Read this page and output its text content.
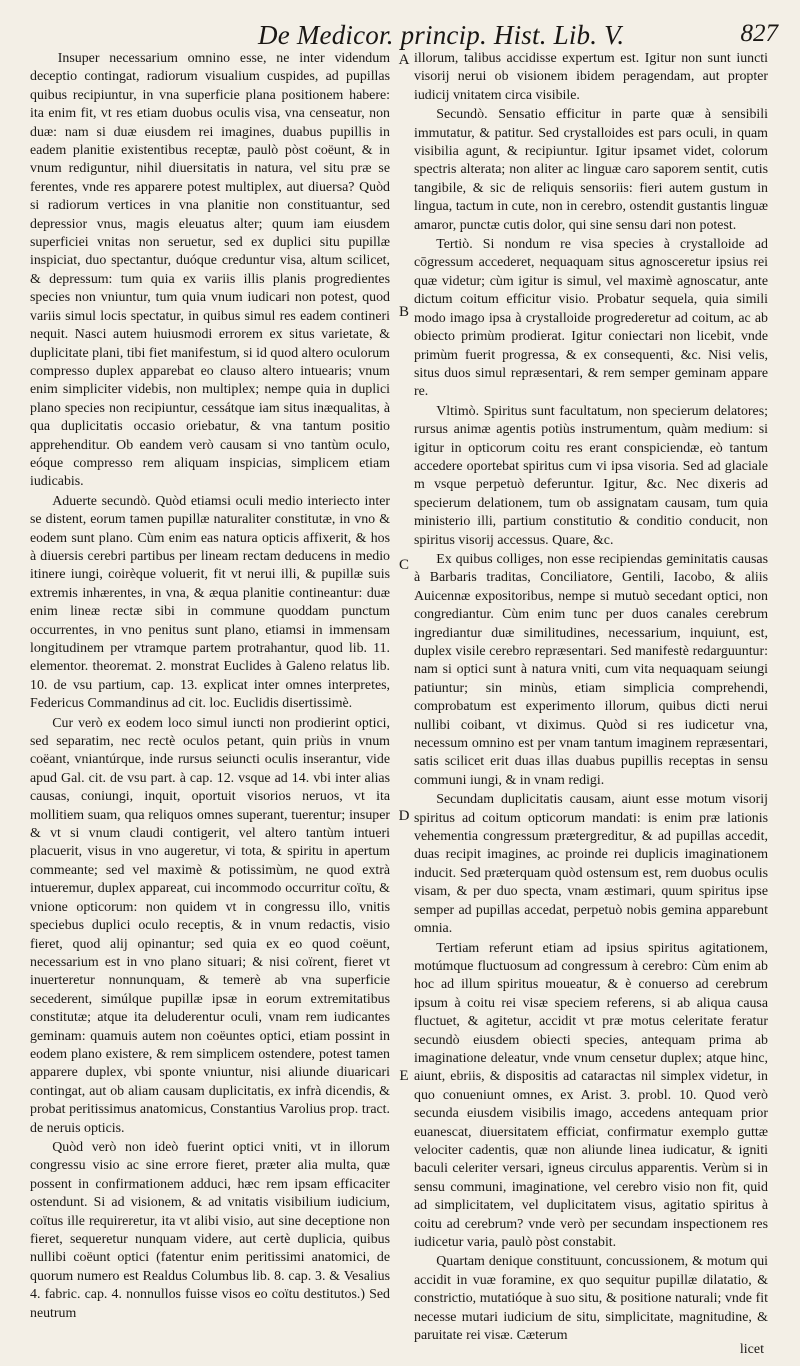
De Medicor. princip. Hist. Lib. V.	827

Insuper necessarium omnino esse, ne inter videndum deceptio contingat, radiorum visualium cuspides, ad pupillas quibus recipiuntur, in vna superficie plana positionem habere: ita enim fit, vt res etiam duobus oculis visa, vna censeatur, non duæ: nam si duæ eiusdem rei imagines, duabus pupillis in eadem planitie existentibus receptæ, paulò pòst coëunt, & in vnum rediguntur, nihil diuersitatis in natura, vel situ præ se ferentes, vnde res apparere potest multiplex, aut diuersa? Quòd si radiorum vertices in vna planitie non constituantur, sed depressior vnus, magis eleuatus alter; quum iam eiusdem superficiei vnitas non seruetur, sed ex duplici situ pupillæ inspiciat, duo spectantur, duóque creduntur visa, altum scilicet, & depressum: tum quia ex variis illis planis progredientes species non vniuntur, tum quia vnum iudicari non potest, quod variis simul locis spectatur, in quibus simul res eadem contineri nequit. Nasci autem huiusmodi errorem ex situs varietate, & duplicitate plani, tibi fiet manifestum, si id quod altero oculorum compresso duplex apparebat eo clauso altero intuearis; vnum enim simpliciter videbis, non multiplex; nempe quia in duplici plano species non recipiuntur, cessátque iam situs inæqualitas, à qua duplicitatis occasio oriebatur, & vna tantum positio apprehenditur. Ob eandem verò causam si vno tantùm oculo, eóque compresso rem aliquam inspicias, simplicem etiam iudicabis.

Aduerte secundò. Quòd etiamsi oculi medio interiecto inter se distent, eorum tamen pupillæ naturaliter constitutæ, in vno & eodem sunt plano. Cùm enim eas natura opticis affixerit, & hos à diuersis cerebri partibus per lineam rectam deducens in medio itinere iungi, coirèque voluerit, fit vt nerui illi, & pupillæ suis extremis inhærentes, in vna, & æqua planitie contineantur: duæ enim lineæ rectæ sibi in commune quoddam punctum occurrentes, in vno penitus sunt plano, etiamsi in immensam longitudinem per vtramque partem protrahantur, quod lib. 11. elementor. theoremat. 2. monstrat Euclides à Galeno relatus lib. 10. de vsu partium, cap. 13. explicat inter omnes interpretes, Federicus Commandinus ad cit. loc. Euclidis disertissimè.

Cur verò ex eodem loco simul iuncti non prodierint optici, sed separatim, nec rectè oculos petant, quin priùs in vnum coëant, vniantúrque, inde rursus seiuncti oculis inserantur, vide apud Gal. cit. de vsu part. à cap. 12. vsque ad 14. vbi inter alias causas, coniungi, inquit, oportuit visorios neruos, vt ita mollitiem suam, qua reliquos omnes superant, tuerentur; insuper & vt si vnum claudi contigerit, vel altero tantùm intueri placuerit, visus in vno augeretur, vi tota, & spiritu in apertum commeante; sed vel maximè & potissimùm, ne quod extrà intueremur, duplex appareat, cui incommodo occurritur coïtu, & vnione opticorum: non quidem vt in congressu illo, vnitis speciebus duplici oculo receptis, & in vnum redactis, visio fieret, quod alij opinantur; sed quia ex eo quod coëunt, necessarium est in vno plano situari; & nisi coïrent, fieret vt inuerteretur nonnunquam, & temerè ab vna superficie secederent, simúlque pupillæ ipsæ in eorum extremitatibus constitutæ; atque ita deluderentur oculi, vnam rem iudicantes geminam: quamuis autem non coëuntes optici, etiam possint in eodem plano existere, & rem simplicem ostendere, potest tamen apparere duplex, vbi sponte vniuntur, nisi aliunde diuaricari contingat, aut ob aliam causam duplicitatis, ex infrà dicendis, & probat peritissimus anatomicus, Constantius Varolius prop. tract. de neruis opticis.

Quòd verò non ideò fuerint optici vniti, vt in illorum congressu visio ac sine errore fieret, præter alia multa, quæ possent in confirmationem adduci, hæc rem ipsam efficaciter ostendunt. Si ad visionem, & ad vnitatis visibilium iudicium, coïtus ille requireretur, ita vt alibi visio, aut sine deceptione non fieret, sequeretur nunquam videre, aut certè duplicia, quibus nullibi coëunt optici (fatentur enim peritissimi anatomici, de quorum numero est Realdus Columbus lib. 8. cap. 3. & Vesalius 4. fabric. cap. 4. nonnullos fuisse visos eo coïtu destitutos.) Sed neutrum

A
B
C
D
E

illorum, talibus accidisse expertum est. Igitur non sunt iuncti visorij nerui ob visionem ibidem peragendam, aut propter iudicij vnitatem circa visibile.

Secundò. Sensatio efficitur in parte quæ à sensibili immutatur, & patitur. Sed crystalloides est pars oculi, in quam visibilia agunt, & recipiuntur. Igitur ipsamet videt, colorum spectris alterata; non aliter ac linguæ caro saporem sentit, cutis tangibile, & sic de reliquis sensoriis: fieri autem gustum in lingua, tactum in cute, non in cerebro, ostendit gustantis linguæ amaror, punctæ cutis dolor, qui sine sensu dari non potest.

Tertiò. Si nondum re visa species à crystalloide ad cōgressum accederet, nequaquam situs agnosceretur ipsius rei quæ videtur; cùm igitur is simul, vel maximè agnoscatur, ante dictum coitum efficitur visio. Probatur sequela, quia simili modo imago ipsa à crystalloide progrederetur ad coitum, ac ab obiecto primùm prodierat. Igitur coniectari non licebit, vnde primùm fuerit progressa, & ex consequenti, &c. Nisi velis, situs duos simul repræsentari, & rem semper geminam appare re.

Vltimò. Spiritus sunt facultatum, non specierum delatores; rursus animæ agentis potiùs instrumentum, quàm medium: si igitur in opticorum coitu res erant conspiciendæ, eò tantum accedere oportebat spiritus cum vi ipsa visoria. Sed ad glaciale m vsque perpetuò deferuntur. Igitur, &c. Nec dixeris ad specierum delationem, tum ob assignatam causam, tum quia ministerio illi, partium constitutio & conditio conducit, non spiritus visorij accessus. Quare, &c.

Ex quibus colliges, non esse recipiendas geminitatis causas à Barbaris traditas, Conciliatore, Gentili, Iacobo, & aliis Auicennæ expositoribus, nempe si mutuò secedant optici, non congrediantur. Cùm enim tunc per duos canales cerebrum ingrediantur duæ similitudines, necessarium, inquiunt, est, duplex visile cerebro repræsentari. Sed manifestè redarguuntur: nam si optici sunt à natura vniti, cum vita nequaquam seiungi patiuntur; sin minùs, etiam simplicia comprehendi, comprobatum est experimento illorum, quibus dicti nerui nullibi coibant, vt diximus. Quòd si res iudicetur vna, necessum omnino est per vnam tantum imaginem repræsentari, satis scilicet erit duas illas duabus pupillis receptas in sensu communi iungi, & in vnam redigi.

Secundam duplicitatis causam, aiunt esse motum visorij spiritus ad coitum opticorum mandati: is enim præ lationis vehementia congressum prætergreditur, & ad pupillas accedit, duas recipit imagines, ac proinde rei duplicis imaginationem inducit. Sed præterquam quòd ostensum est, rem duobus oculis visam, & per duo specta, vnam æstimari, quum spiritus ipse semper ad pupillas accedat, perpetuò nobis gemina apparebunt omnia.

Tertiam referunt etiam ad ipsius spiritus agitationem, motúmque fluctuosum ad congressum à cerebro: Cùm enim ab hoc ad illum spiritus moueatur, & è conuerso ad cerebrum ipsum à coitu rei visæ speciem referens, si ab aliqua causa fluctuet, & agitetur, accidit vt præ motus celeritate feratur secundò eiusdem obiecti species, antequam prima ab imaginatione deleatur, vnde vnum censetur duplex; atque hinc, aiunt, ebriis, & dispositis ad cataractas nil simplex videtur, in quo conueniunt omnes, ex Arist. 3. probl. 10. Quod verò secunda eiusdem visibilis imago, accedens antequam prior euanescat, diuersitatem efficiat, confirmatur exemplo guttæ velociter cadentis, quæ non aliunde linea iudicatur, & igniti baculi celeriter versari, igneus circulus apparentis. Verùm si in sensu communi, imaginatione, vel cerebro visio non fit, quid ad simplicitatem, vel duplicitatem visus, agitatio spiritus à coitu ad cerebrum? vnde verò per secundam inspectionem res iudicetur varia, paulò pòst constabit.

Quartam denique constituunt, concussionem, & motum qui accidit in vuæ foramine, ex quo sequitur pupillæ dilatatio, & constrictio, mutatióque à suo situ, & positione naturali; vnde fit necesse mutari iudicium de situ, simplicitate, magnitudine, & paruitate rei visæ. Cæterum

licet
